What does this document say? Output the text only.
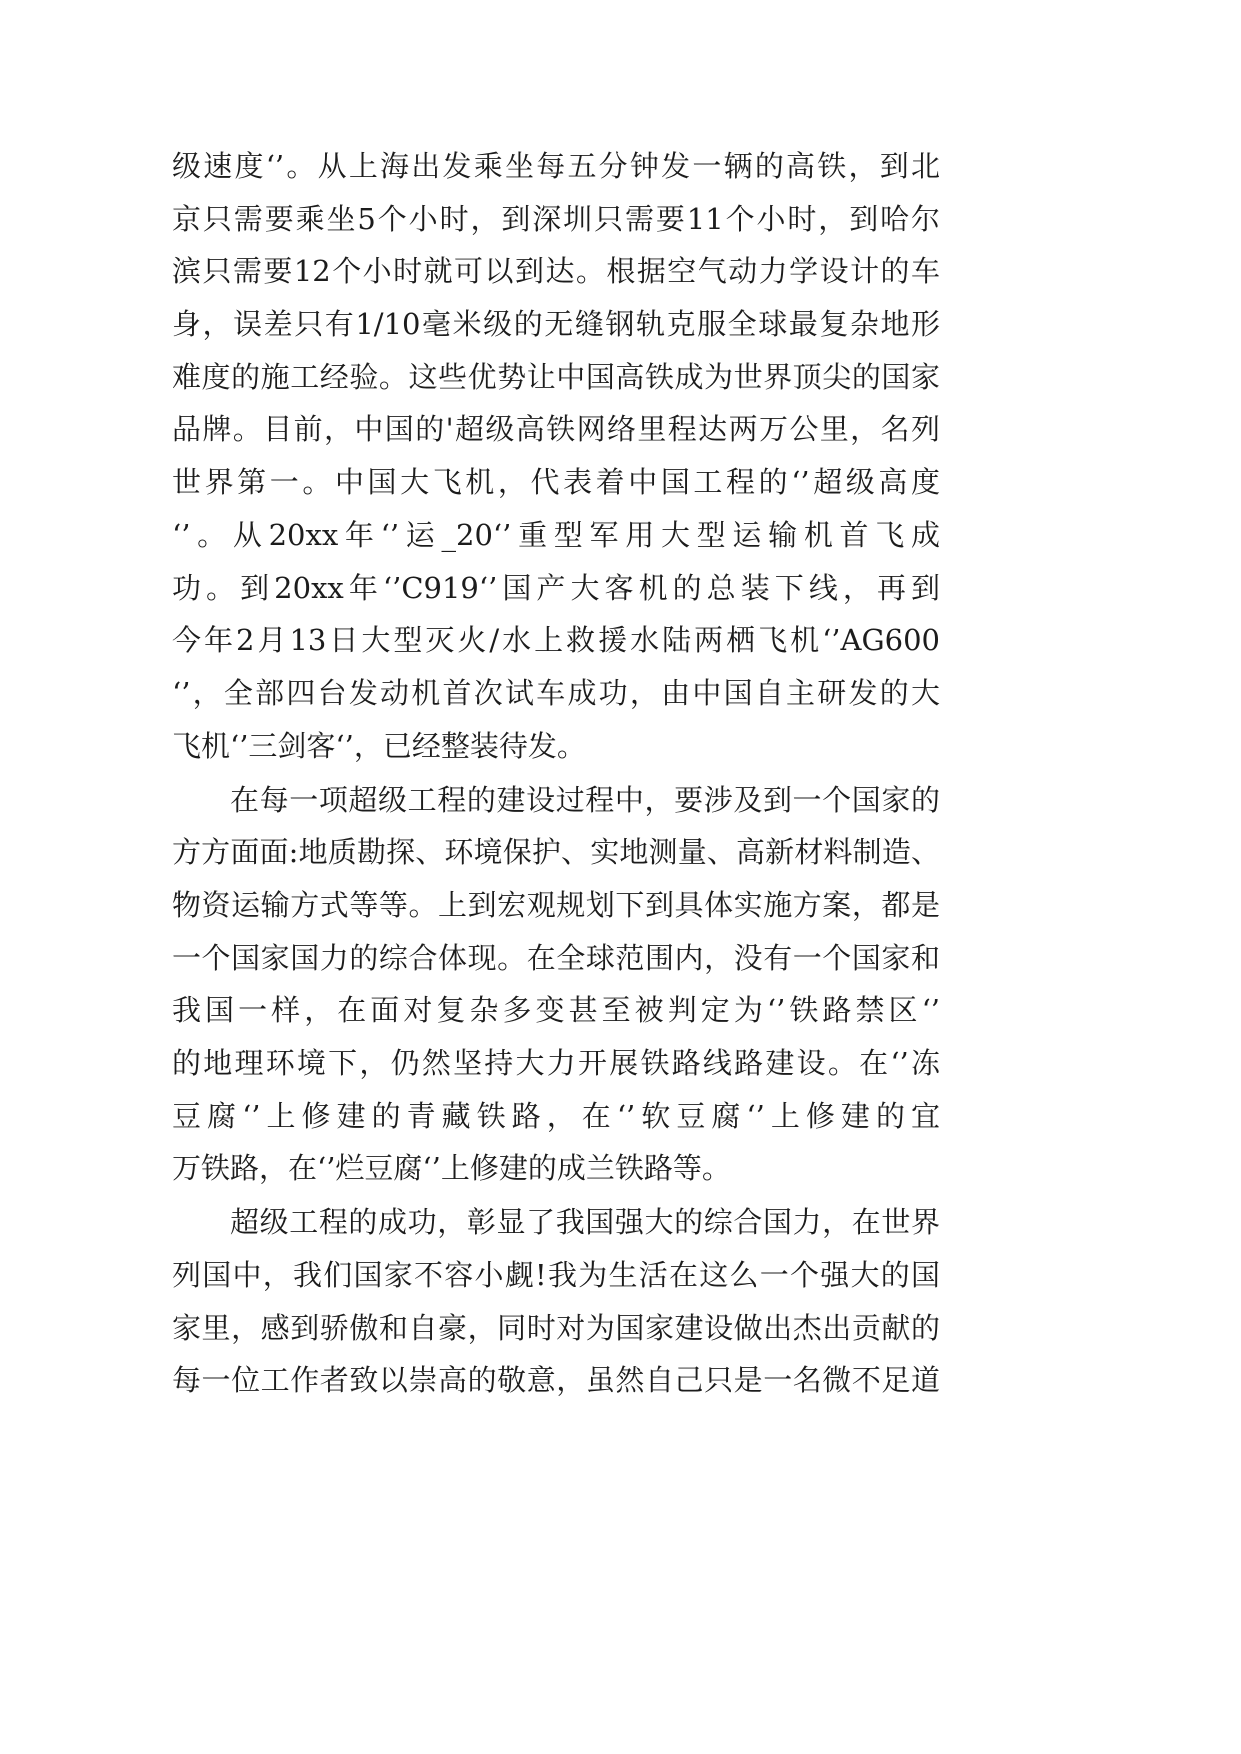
级速度‘’。从上海出发乘坐每五分钟发一辆的高铁，到北
京只需要乘坐5个小时，到深圳只需要11个小时，到哈尔
滨只需要12个小时就可以到达。根据空气动力学设计的车
身，误差只有1/10毫米级的无缝钢轨克服全球最复杂地形
难度的施工经验。这些优势让中国高铁成为世界顶尖的国家
品牌。目前，中国的'超级高铁网络里程达两万公里，名列
世界第一。中国大飞机，代表着中国工程的‘’超级高度
‘’。从20xx年‘’运_20‘’重型军用大型运输机首飞成
功。到20xx年‘’C919‘’国产大客机的总装下线，再到
今年2月13日大型灭火/水上救援水陆两栖飞机‘’AG600
‘’，全部四台发动机首次试车成功，由中国自主研发的大
飞机‘’三剑客‘’，已经整装待发。
在每一项超级工程的建设过程中，要涉及到一个国家的
方方面面:地质勘探、环境保护、实地测量、高新材料制造、
物资运输方式等等。上到宏观规划下到具体实施方案，都是
一个国家国力的综合体现。在全球范围内，没有一个国家和
我国一样，在面对复杂多变甚至被判定为‘’铁路禁区‘’
的地理环境下，仍然坚持大力开展铁路线路建设。在‘’冻
豆腐‘’上修建的青藏铁路，在‘’软豆腐‘’上修建的宜
万铁路，在‘’烂豆腐‘’上修建的成兰铁路等。
超级工程的成功，彰显了我国强大的综合国力，在世界
列国中，我们国家不容小觑!我为生活在这么一个强大的国
家里，感到骄傲和自豪，同时对为国家建设做出杰出贡献的
每一位工作者致以崇高的敬意，虽然自己只是一名微不足道
